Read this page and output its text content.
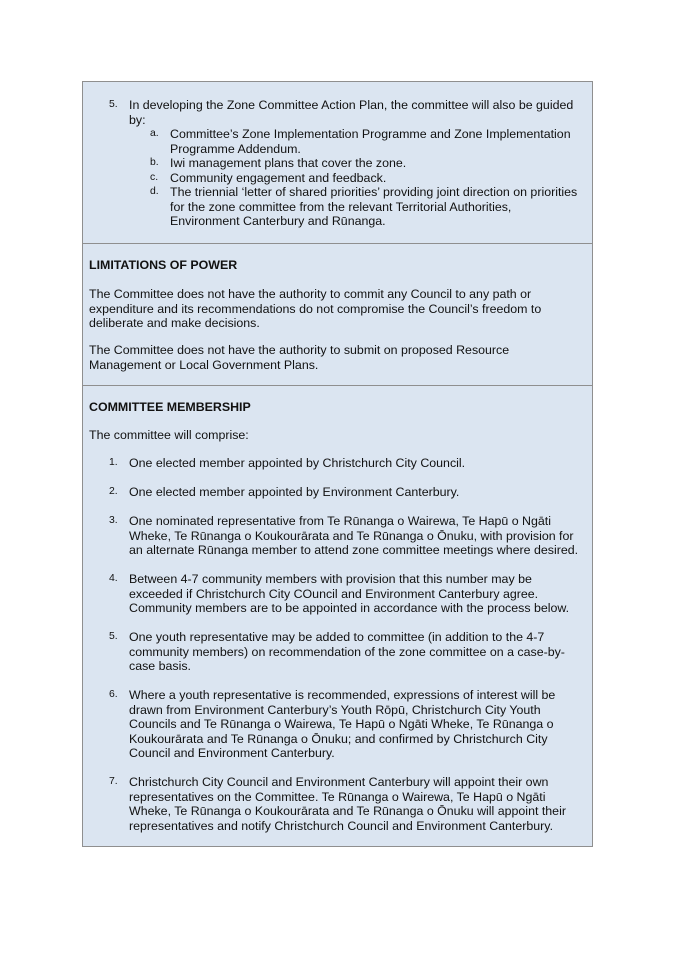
5. In developing the Zone Committee Action Plan, the committee will also be guided
by:
a. Committee’s Zone Implementation Programme and Zone Implementation
Programme Addendum.
b. Iwi management plans that cover the zone.
c. Community engagement and feedback.
d. The triennial ‘letter of shared priorities’ providing joint direction on priorities
for the zone committee from the relevant Territorial Authorities,
Environment Canterbury and Rūnanga.
LIMITATIONS OF POWER
The Committee does not have the authority to commit any Council to any path or
expenditure and its recommendations do not compromise the Council’s freedom to
deliberate and make decisions.
The Committee does not have the authority to submit on proposed Resource
Management or Local Government Plans.
COMMITTEE MEMBERSHIP
The committee will comprise:
1. One elected member appointed by Christchurch City Council.
2. One elected member appointed by Environment Canterbury.
3. One nominated representative from Te Rūnanga o Wairewa, Te Hapū o Ngāti
Wheke, Te Rūnanga o Koukourārata and Te Rūnanga o Ōnuku, with provision for
an alternate Rūnanga member to attend zone committee meetings where desired.
4. Between 4-7 community members with provision that this number may be
exceeded if Christchurch City COuncil and Environment Canterbury agree.
Community members are to be appointed in accordance with the process below.
5. One youth representative may be added to committee (in addition to the 4-7
community members) on recommendation of the zone committee on a case-by-
case basis.
6. Where a youth representative is recommended, expressions of interest will be
drawn from Environment Canterbury’s Youth Rōpū, Christchurch City Youth
Councils and Te Rūnanga o Wairewa, Te Hapū o Ngāti Wheke, Te Rūnanga o
Koukourārata and Te Rūnanga o Ōnuku; and confirmed by Christchurch City
Council and Environment Canterbury.
7. Christchurch City Council and Environment Canterbury will appoint their own
representatives on the Committee. Te Rūnanga o Wairewa, Te Hapū o Ngāti
Wheke, Te Rūnanga o Koukourārata and Te Rūnanga o Ōnuku will appoint their
representatives and notify Christchurch Council and Environment Canterbury.
